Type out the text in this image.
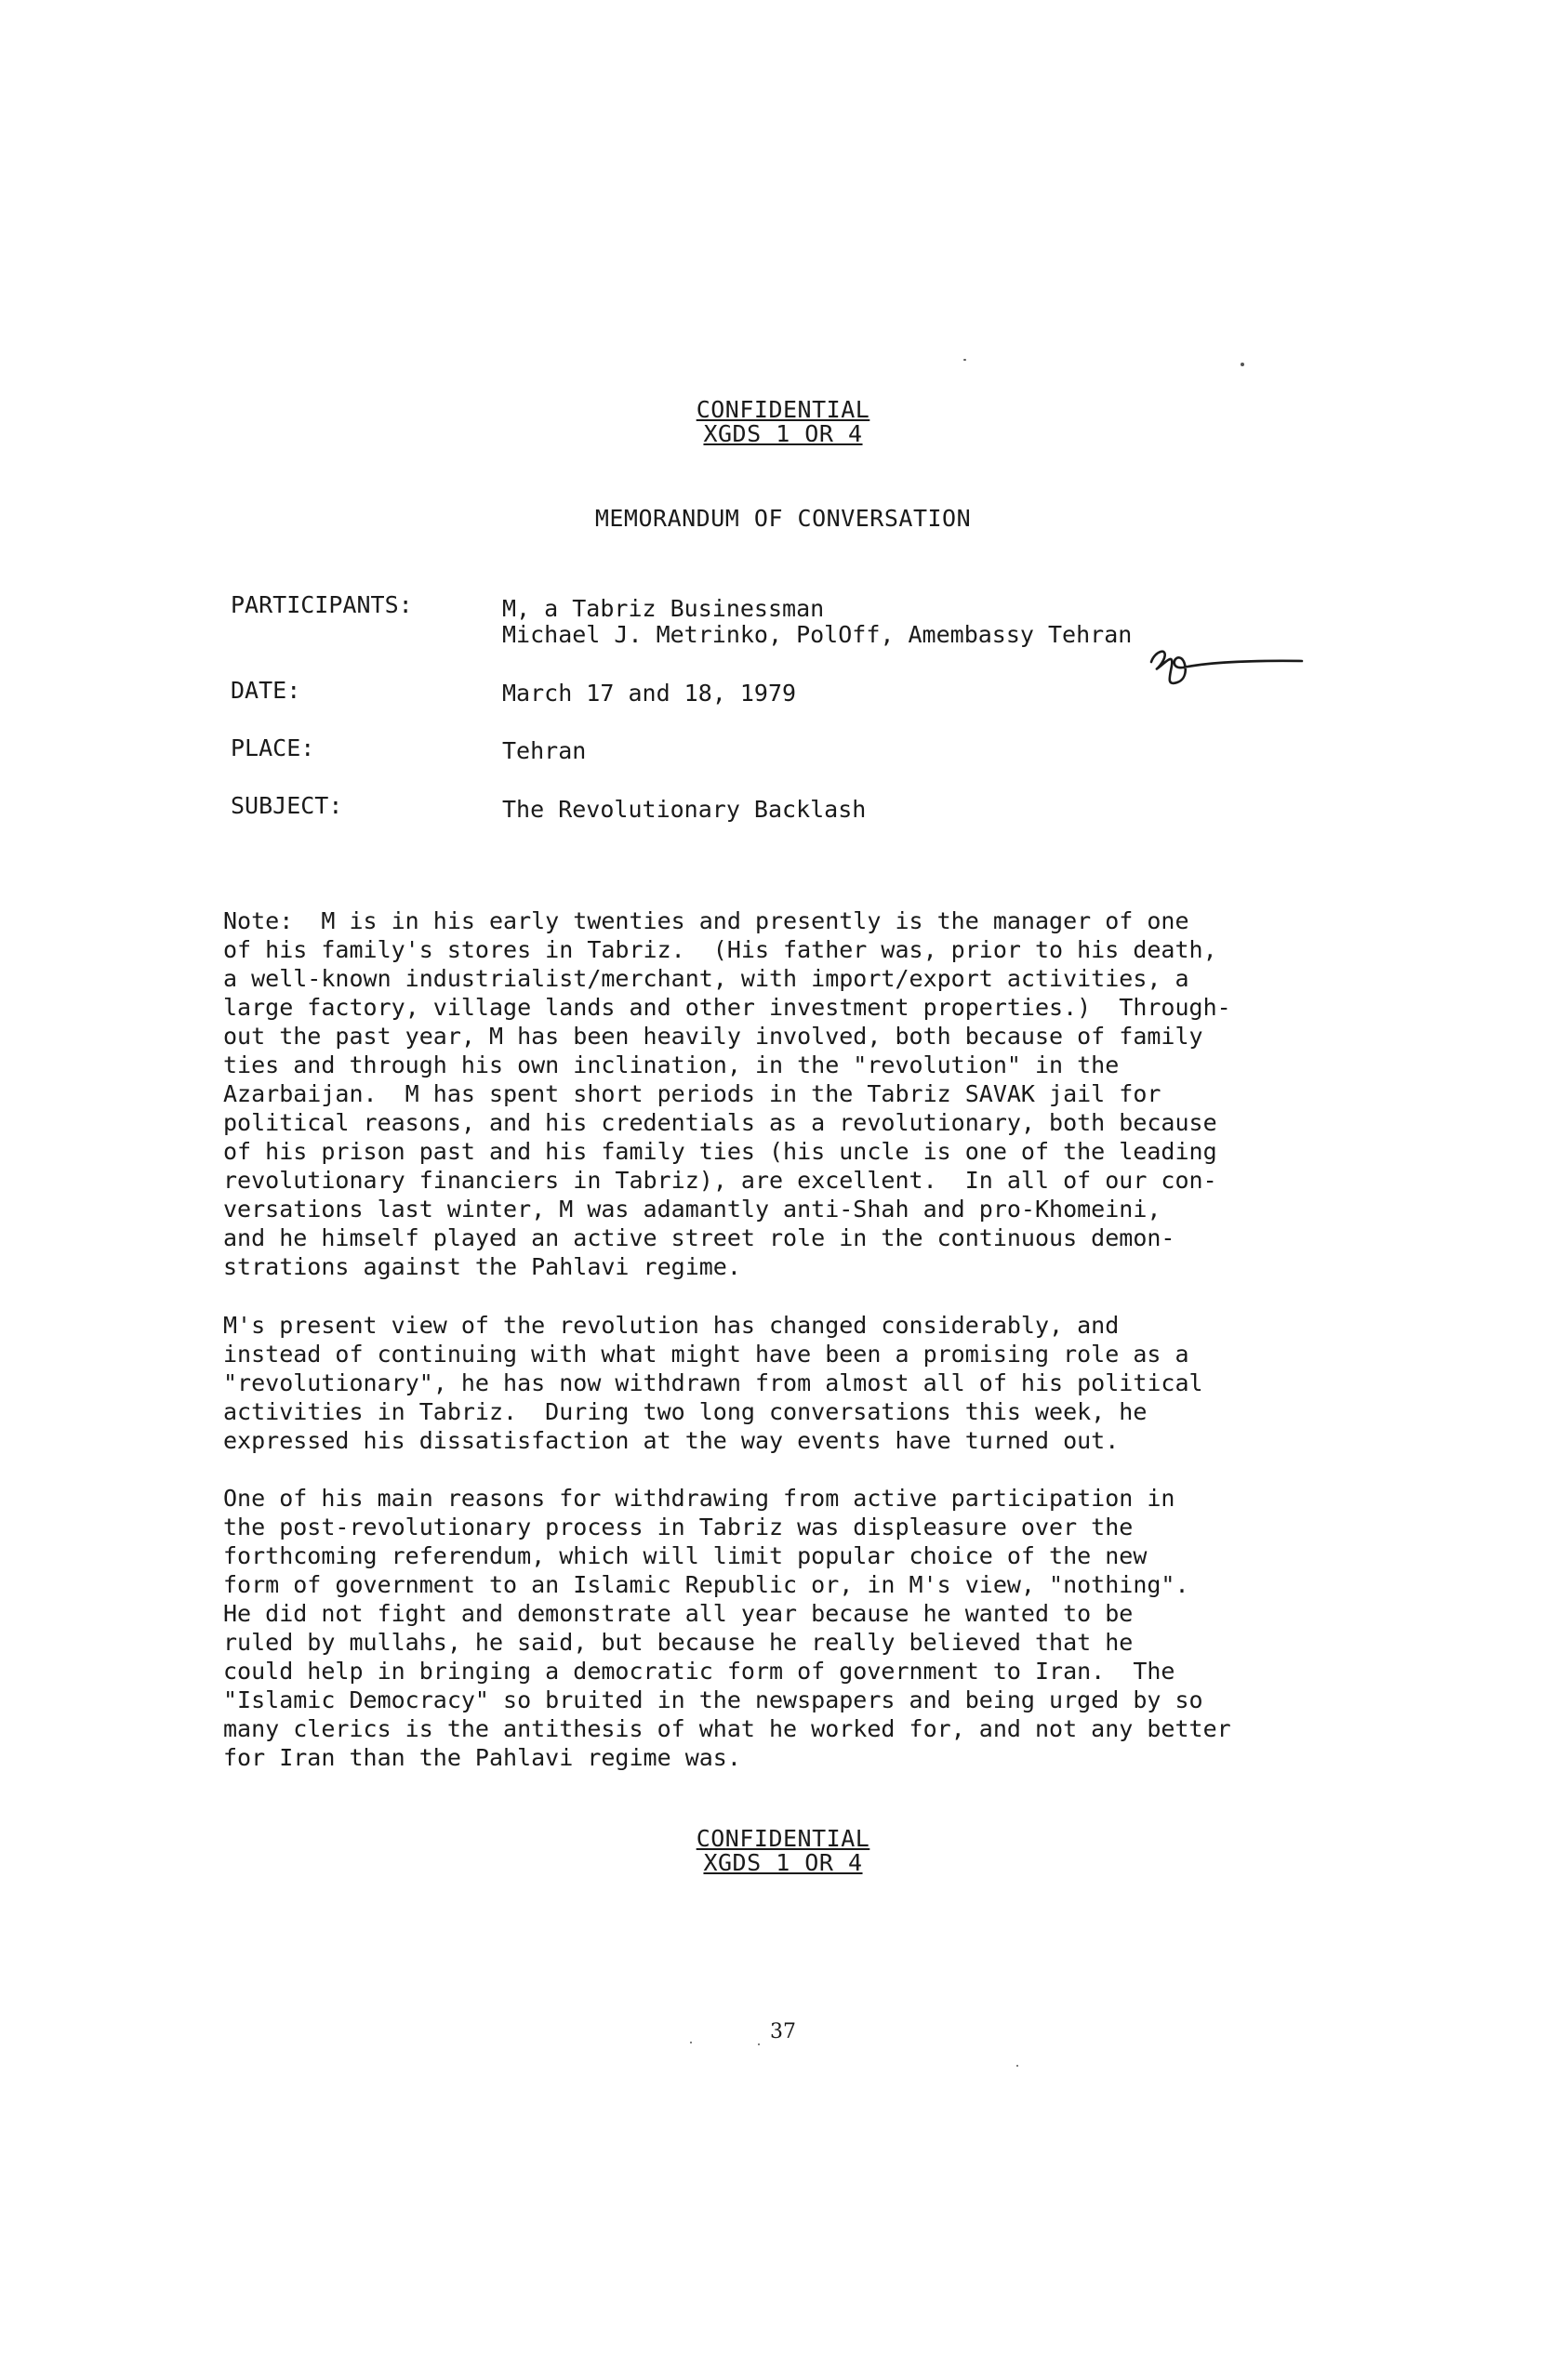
CONFIDENTIAL
XGDS 1 OR 4
MEMORANDUM OF CONVERSATION
PARTICIPANTS:	M, a Tabriz Businessman
Michael J. Metrinko, PolOff, Amembassy Tehran
DATE:	March 17 and 18, 1979
PLACE:	Tehran
SUBJECT:	The Revolutionary Backlash
Note:  M is in his early twenties and presently is the manager of one
of his family's stores in Tabriz.  (His father was, prior to his death,
a well-known industrialist/merchant, with import/export activities, a
large factory, village lands and other investment properties.)  Through-
out the past year, M has been heavily involved, both because of family
ties and through his own inclination, in the "revolution" in the
Azarbaijan.  M has spent short periods in the Tabriz SAVAK jail for
political reasons, and his credentials as a revolutionary, both because
of his prison past and his family ties (his uncle is one of the leading
revolutionary financiers in Tabriz), are excellent.  In all of our con-
versations last winter, M was adamantly anti-Shah and pro-Khomeini,
and he himself played an active street role in the continuous demon-
strations against the Pahlavi regime.
M's present view of the revolution has changed considerably, and
instead of continuing with what might have been a promising role as a
"revolutionary", he has now withdrawn from almost all of his political
activities in Tabriz.  During two long conversations this week, he
expressed his dissatisfaction at the way events have turned out.
One of his main reasons for withdrawing from active participation in
the post-revolutionary process in Tabriz was displeasure over the
forthcoming referendum, which will limit popular choice of the new
form of government to an Islamic Republic or, in M's view, "nothing".
He did not fight and demonstrate all year because he wanted to be
ruled by mullahs, he said, but because he really believed that he
could help in bringing a democratic form of government to Iran.  The
"Islamic Democracy" so bruited in the newspapers and being urged by so
many clerics is the antithesis of what he worked for, and not any better
for Iran than the Pahlavi regime was.
CONFIDENTIAL
XGDS 1 OR 4
37
